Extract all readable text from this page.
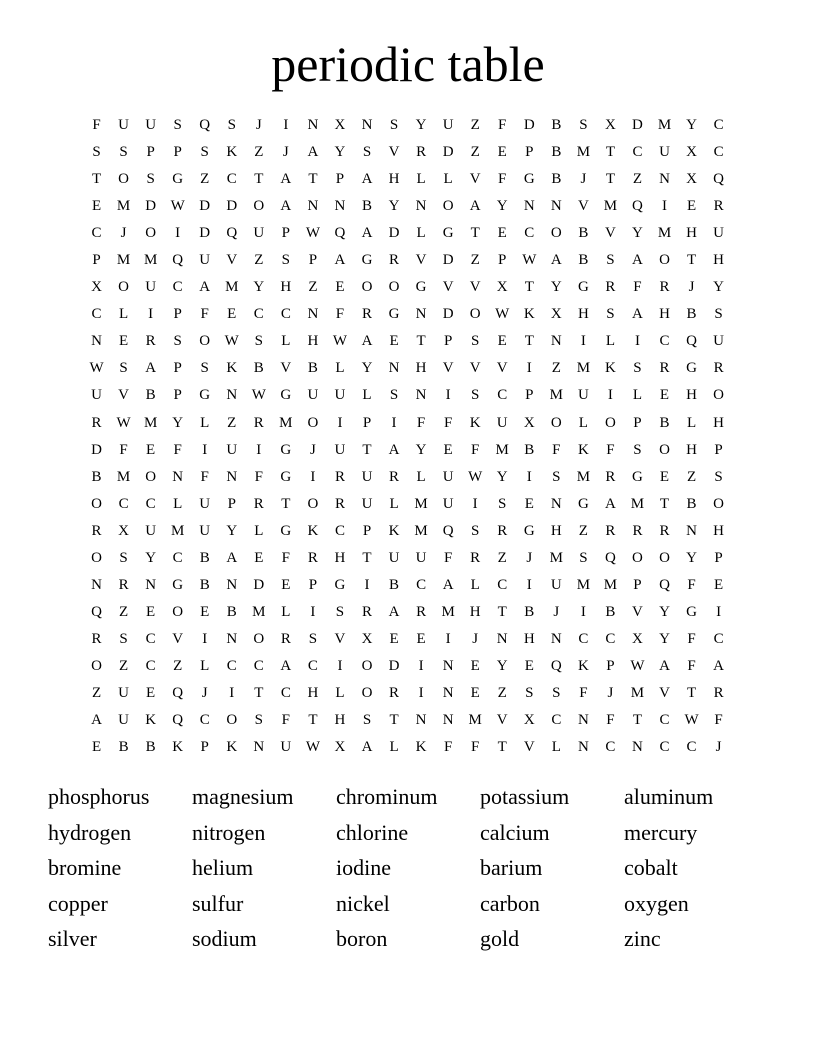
periodic table
F	U	U	S	Q	S	J	I	N	X	N	S	Y	U	Z	F	D	B	S	X	D M Y	C
S	S	P	P	S	K	Z	J	A	Y	S	V	R	D	Z	E	P	B	M	T	C	U	X	C
T	O	S	G	Z	C	T	A	T	P	A	H	L	L	V	F	G	B	J	T	Z	N	X	Q
E	M D W D	D	O	A	N	N	B	Y	N	O	A	Y	N	N	V M Q	I	E	R
C	J	O	I	D	Q	U	P	W Q	A	D	L	G	T	E	C	O	B	V	Y M H	U
P	M M Q	U	V	Z	S	P	A	G	R	V	D	Z	P	W A	B	S	A	O	T	H
X	O	U	C	A M Y	H	Z	E	O	O	G	V	V	X	T	Y	G	R	F	R	J	Y
C	L	I	P	F	E	C	C	N	F	R	G	N	D	O W K	X	H	S	A	H	B	S
N	E	R	S	O W	S	L	H W A	E	T	P	S	E	T	N	I	L	I	C	Q	U
W	S	A	P	S	K	B	V	B	L	Y	N	H	V	V	V	I	Z	M K	S	R	G	R
U	V	B	P	G	N W G	U	U	L	S	N	I	S	C	P	M U	I	L	E	H	O
R W M Y	L	Z	R	M O	I	P	I	F	F	K	U	X	O	L	O	P	B	L	H
D	F	E	F	I	U	I	G	J	U	T	A	Y	E	F	M	B	F	K	F	S	O	H	P
B	M O	N	F	N	F	G	I	R	U	R	L	U W Y	I	S	M	R	G	E	Z	S
O	C	C	L	U	P	R	T	O	R	U	L	M U	I	S	E	N	G	A M	T	B	O
R	X	U M U	Y	L	G	K	C	P	K M Q	S	R	G	H	Z	R	R	R	N	H
O	S	Y	C	B	A	E	F	R	H	T	U	U	F	R	Z	J	M	S	Q	O	O	Y	P
N	R	N	G	B	N	D	E	P	G	I	B	C	A	L	C	I	U M M	P	Q	F	E
Q	Z	E	O	E	B	M	L	I	S	R	A	R	M H	T	B	J	I	B	V	Y	G	I
R	S	C	V	I	N	O	R	S	V	X	E	E	I	J	N	H	N	C	C	X	Y	F	C
O	Z	C	Z	L	C	C	A	C	I	O	D	I	N	E	Y	E	Q	K	P	W A	F	A
Z	U	E	Q	J	I	T	C	H	L	O	R	I	N	E	Z	S	S	F	J	M V	T	R
A	U	K	Q	C	O	S	F	T	H	S	T	N	N M V	X	C	N	F	T	C W	F
E	B	B	K	P	K	N	U W X	A	L	K	F	F	T	V	L	N	C	N	C	C	J
phosphorus	magnesium	chrominum	potassium	aluminum
hydrogen	nitrogen	chlorine	calcium	mercury
bromine	helium	iodine	barium	cobalt
copper	sulfur	nickel	carbon	oxygen
silver	sodium	boron	gold	zinc
